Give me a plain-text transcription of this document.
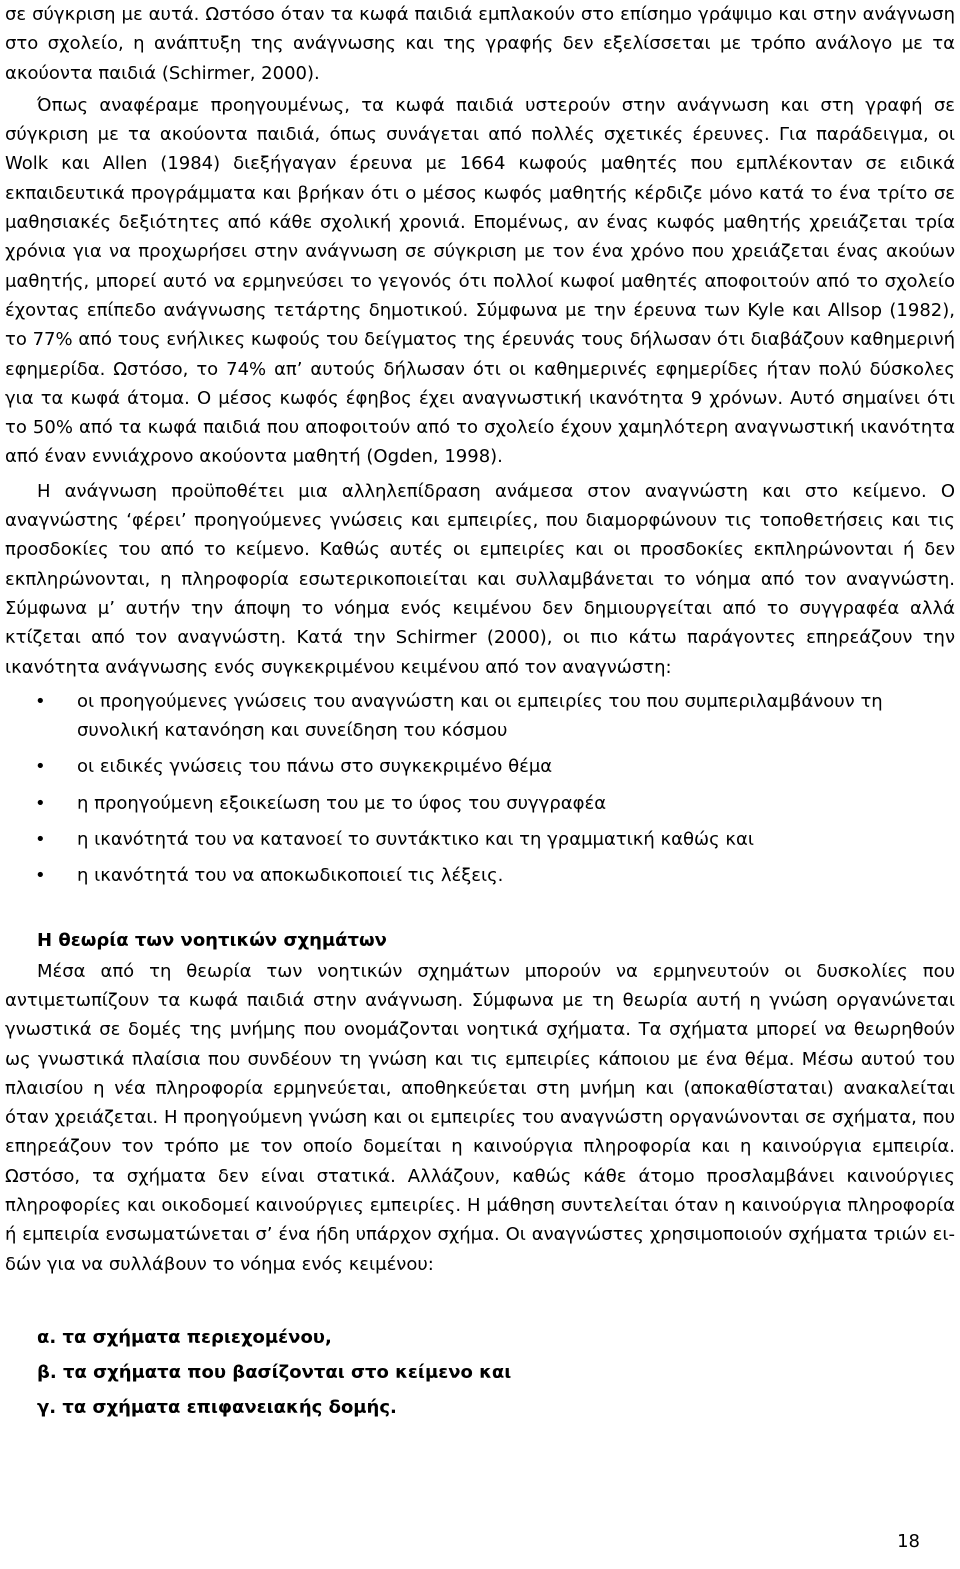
σε σύγκριση με αυτά. Ωστόσο όταν τα κωφά παιδιά εμπλακούν στο επίσημο γράψιμο και στην ανάγνωση στο σχολείο, η ανάπτυξη της ανάγνωσης και της γραφής δεν εξελίσσεται με τρόπο ανάλογο με τα ακούοντα παιδιά (Schirmer, 2000).

Όπως αναφέραμε προηγουμένως, τα κωφά παιδιά υστερούν στην ανάγνωση και στη γραφή σε σύγκριση με τα ακούοντα παιδιά, όπως συνάγεται από πολλές σχετικές έρευνες. Για παράδειγμα, οι Wolk και Allen (1984) διεξήγαγαν έρευνα με 1664 κωφούς μαθητές που εμπλέκονταν σε ειδικά εκπαιδευτικά προγράμματα και βρήκαν ότι ο μέσος κωφός μαθητής κέρδιζε μόνο κατά το ένα τρίτο σε μαθησιακές δεξιότητες από κάθε σχολική χρονιά. Επομένως, αν ένας κωφός μαθητής χρειάζεται τρία χρόνια για να προχωρήσει στην ανάγνωση σε σύγκριση με τον ένα χρόνο που χρειάζεται ένας ακούων μαθητής, μπορεί αυτό να ερμηνεύσει το γεγονός ότι πολλοί κωφοί μαθητές αποφοιτούν από το σχολείο έχοντας επίπεδο ανάγνωσης τετάρτης δημοτικού. Σύμφωνα με την έρευνα των Kyle και Allsop (1982), το 77% από τους ενήλικες κωφούς του δείγματος της έρευνάς τους δήλωσαν ότι διαβάζουν καθημερινή εφημερίδα. Ωστόσο, το 74% απ’ αυτούς δήλωσαν ότι οι καθημερινές εφημερίδες ήταν πολύ δύσκολες για τα κωφά άτομα. Ο μέσος κωφός έφηβος έχει αναγνωστική ικανότητα 9 χρόνων. Αυτό σημαίνει ότι το 50% από τα κωφά παιδιά που αποφοιτούν από το σχολείο έχουν χαμηλότερη αναγνωστική ικανότητα από έναν εννιάχρονο ακούοντα μαθητή (Ogden, 1998).

Η ανάγνωση προϋποθέτει μια αλληλεπίδραση ανάμεσα στον αναγνώστη και στο κείμενο. Ο αναγνώστης ‘φέρει’ προηγούμενες γνώσεις και εμπειρίες, που διαμορφώνουν τις τοποθετήσεις και τις προσδοκίες του από το κείμενο. Καθώς αυτές οι εμπειρίες και οι προσδοκίες εκπληρώνονται ή δεν εκπληρώνονται, η πληροφορία εσωτερικοποιείται και συλλαμβάνεται το νόημα από τον αναγνώστη. Σύμφωνα μ’ αυτήν την άποψη το νόημα ενός κειμένου δεν δημιουργείται από το συγγραφέα αλλά κτίζεται από τον αναγνώστη. Κατά την Schirmer (2000), οι πιο κάτω παράγοντες επηρεάζουν την ικανότητα ανάγνωσης ενός συγκεκριμένου κειμένου από τον αναγνώστη:

• οι προηγούμενες γνώσεις του αναγνώστη και οι εμπειρίες του που συμπεριλαμβάνουν τη συνολική κατανόηση και συνείδηση του κόσμου
• οι ειδικές γνώσεις του πάνω στο συγκεκριμένο θέμα
• η προηγούμενη εξοικείωση του με το ύφος του συγγραφέα
• η ικανότητά του να κατανοεί το συντάκτικο και τη γραμματική καθώς και
• η ικανότητά του να αποκωδικοποιεί τις λέξεις.
Η θεωρία των νοητικών σχημάτων

Μέσα από τη θεωρία των νοητικών σχημάτων μπορούν να ερμηνευτούν οι δυσκολίες που αντιμετωπίζουν τα κωφά παιδιά στην ανάγνωση. Σύμφωνα με τη θεωρία αυτή η γνώση οργανώνεται γνωστικά σε δομές της μνήμης που ονομάζονται νοητικά σχήματα. Τα σχήματα μπορεί να θεωρηθούν ως γνωστικά πλαίσια που συνδέουν τη γνώση και τις εμπειρίες κάποιου με ένα θέμα. Μέσω αυτού του πλαισίου η νέα πληροφορία ερμηνεύεται, αποθηκεύεται στη μνήμη και (αποκαθίσταται) ανακαλείται όταν χρειάζεται. Η προηγούμενη γνώση και οι εμπειρίες του αναγνώστη οργανώνονται σε σχήματα, που επηρεάζουν τον τρόπο με τον οποίο δομείται η καινούργια πληροφορία και η καινούργια εμπειρία. Ωστόσο, τα σχήματα δεν είναι στατικά. Αλλάζουν, καθώς κάθε άτομο προσλαμβάνει καινούργιες πληροφορίες και οικοδομεί καινούργιες εμπειρίες. Η μάθηση συντελείται όταν η καινούργια πληροφορία ή εμπειρία ενσωματώνεται σ’ ένα ήδη υπάρχον σχήμα. Οι αναγνώστες χρησιμοποιούν σχήματα τριών ειδών για να συλλάβουν το νόημα ενός κειμένου:

α. τα σχήματα περιεχομένου,
β. τα σχήματα που βασίζονται στο κείμενο και
γ. τα σχήματα επιφανειακής δομής.
18
